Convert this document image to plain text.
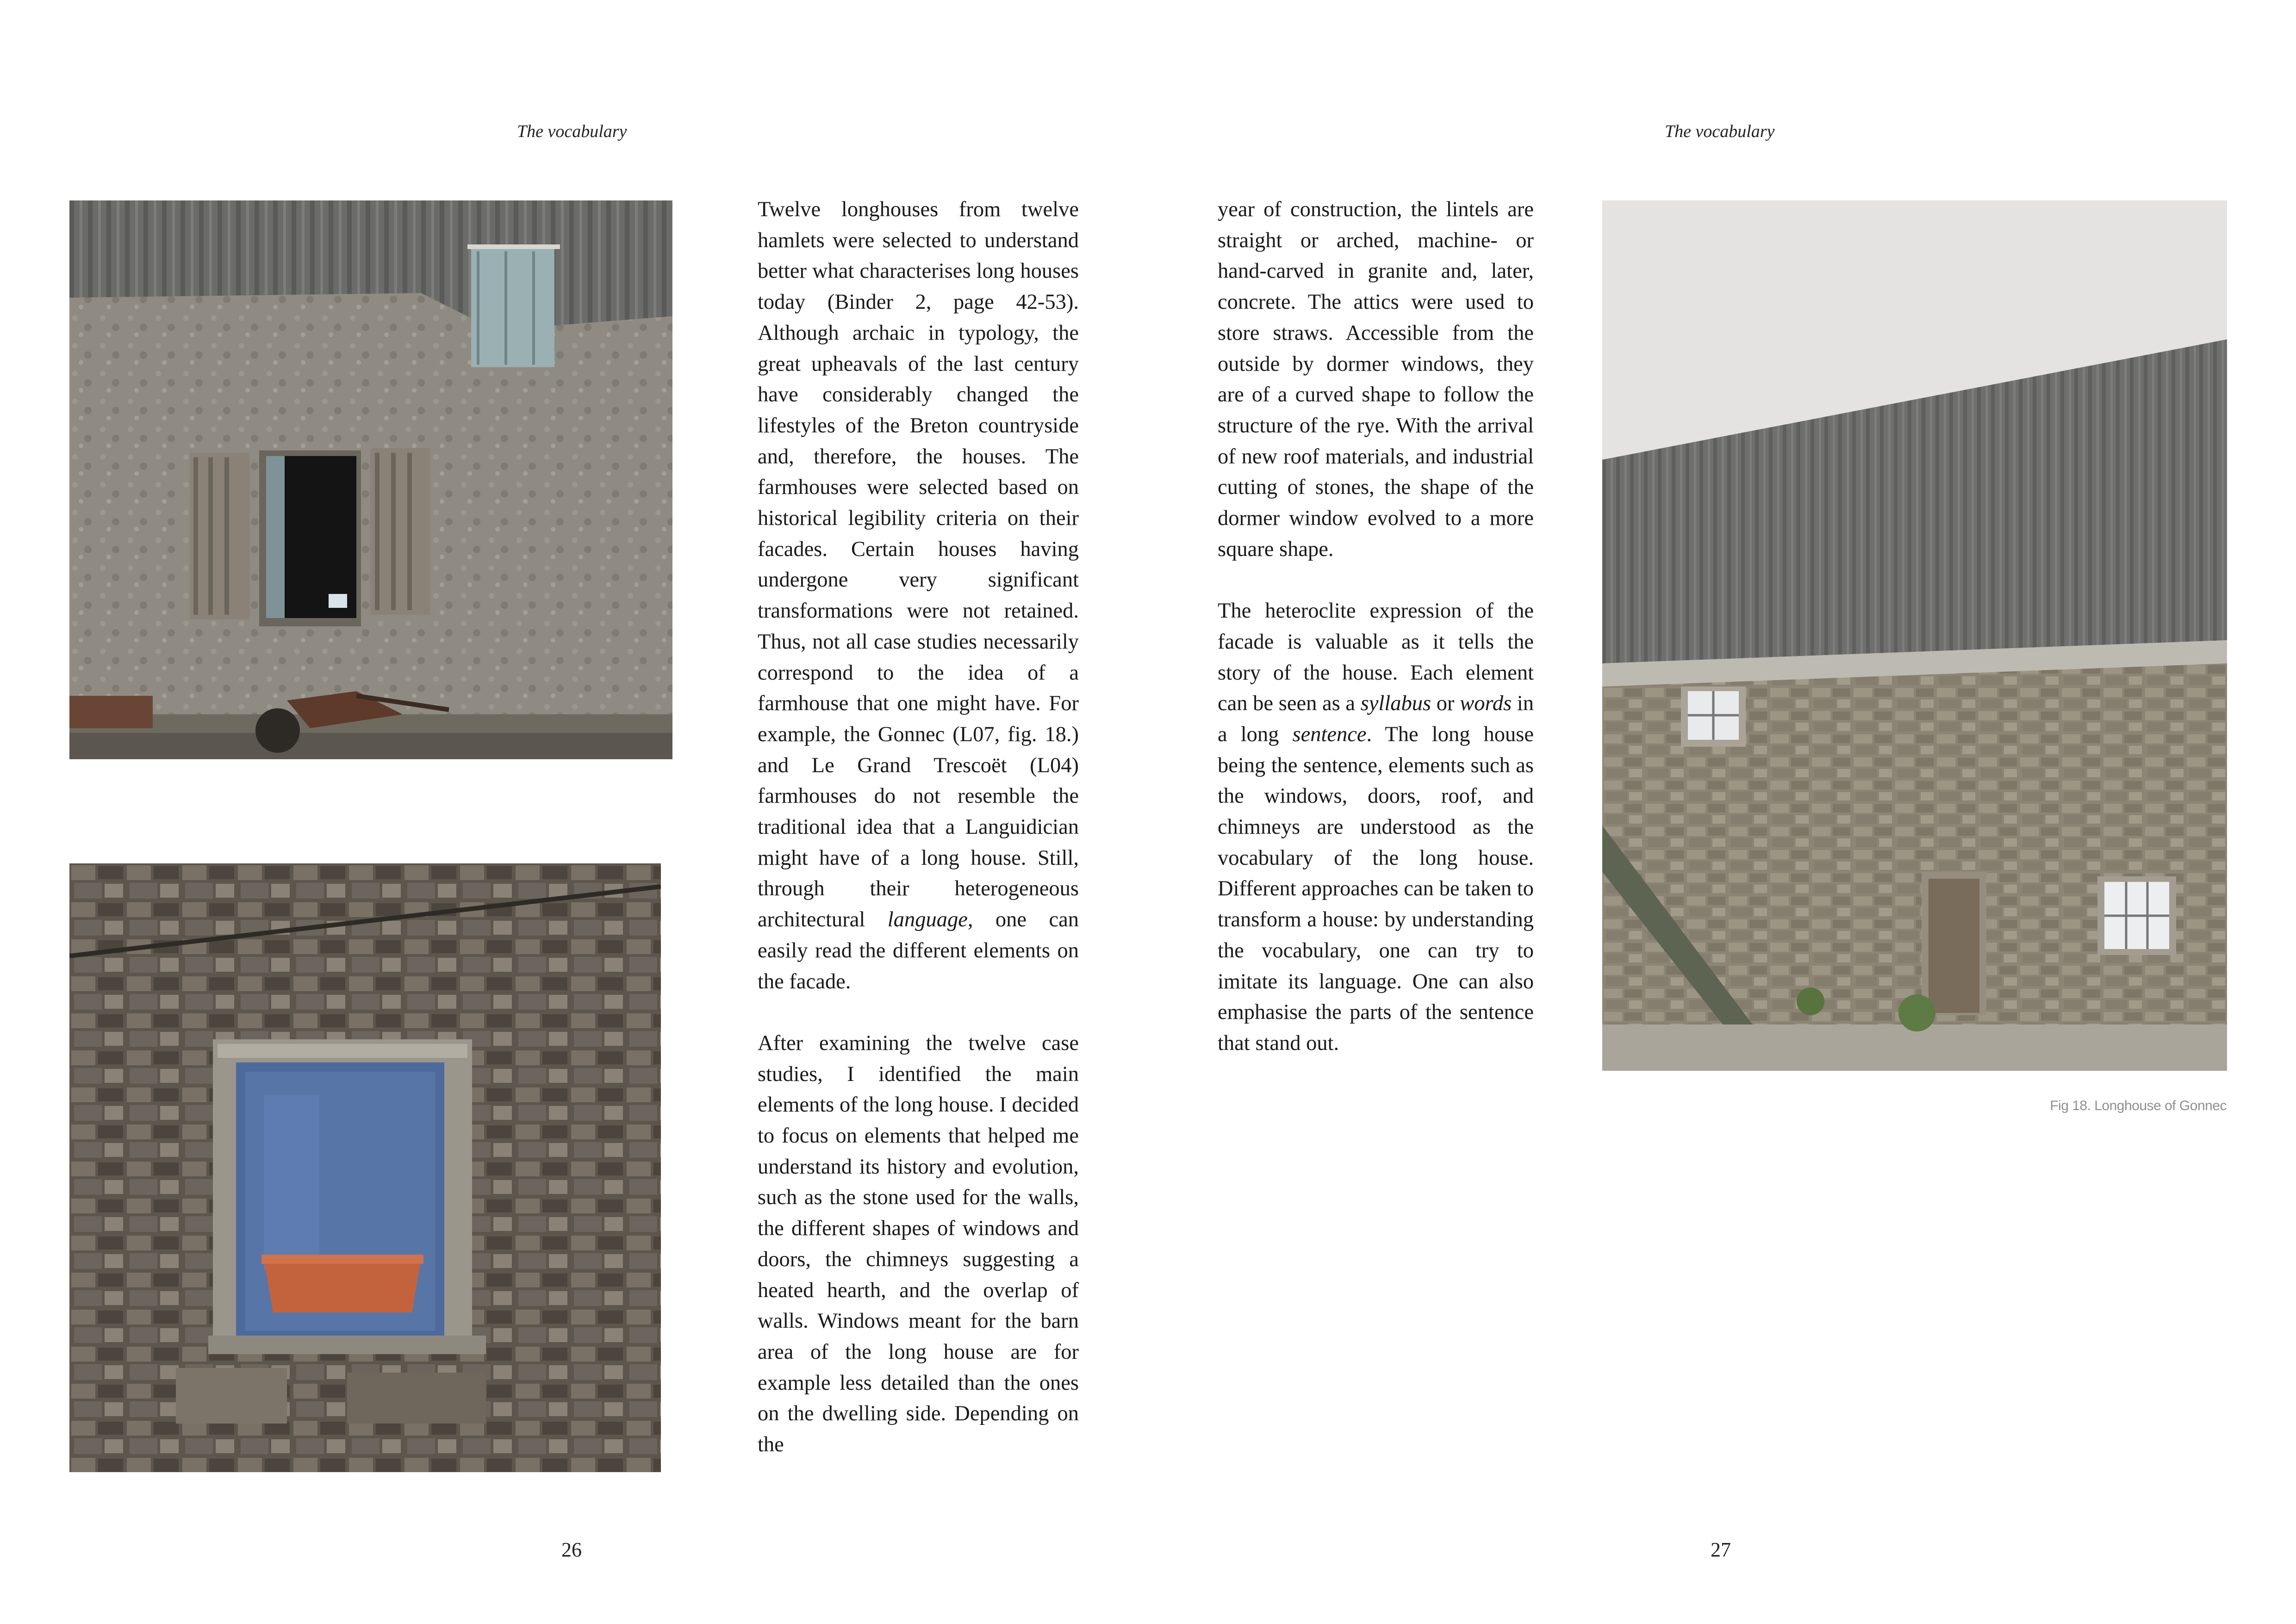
The vocabulary

Twelve longhouses from twelve hamlets were selected to understand better what characterises long houses today (Binder 2, page 42-53). Although archaic in typology, the great upheavals of the last century have considerably changed the lifestyles of the Breton countryside and, therefore, the houses. The farmhouses were selected based on historical legibility criteria on their facades. Certain houses having undergone very significant transformations were not retained. Thus, not all case studies necessarily correspond to the idea of a farmhouse that one might have. For example, the Gonnec (L07, fig. 18.) and Le Grand Trescoët (L04) farmhouses do not resemble the traditional idea that a Languidician might have of a long house. Still, through their heterogeneous architectural language, one can easily read the different elements on the facade.

After examining the twelve case studies, I identified the main elements of the long house. I decided to focus on elements that helped me understand its history and evolution, such as the stone used for the walls, the different shapes of windows and doors, the chimneys suggesting a heated hearth, and the overlap of walls. Windows meant for the barn area of the long house are for example less detailed than the ones on the dwelling side. Depending on the

26
The vocabulary

year of construction, the lintels are straight or arched, machine- or hand-carved in granite and, later, concrete. The attics were used to store straws. Accessible from the outside by dormer windows, they are of a curved shape to follow the structure of the rye. With the arrival of new roof materials, and industrial cutting of stones, the shape of the dormer window evolved to a more square shape.

The heteroclite expression of the facade is valuable as it tells the story of the house. Each element can be seen as a syllabus or words in a long sentence. The long house being the sentence, elements such as the windows, doors, roof, and chimneys are understood as the vocabulary of the long house. Different approaches can be taken to transform a house: by understanding the vocabulary, one can try to imitate its language. One can also emphasise the parts of the sentence that stand out.

Fig 18. Longhouse of Gonnec
27
